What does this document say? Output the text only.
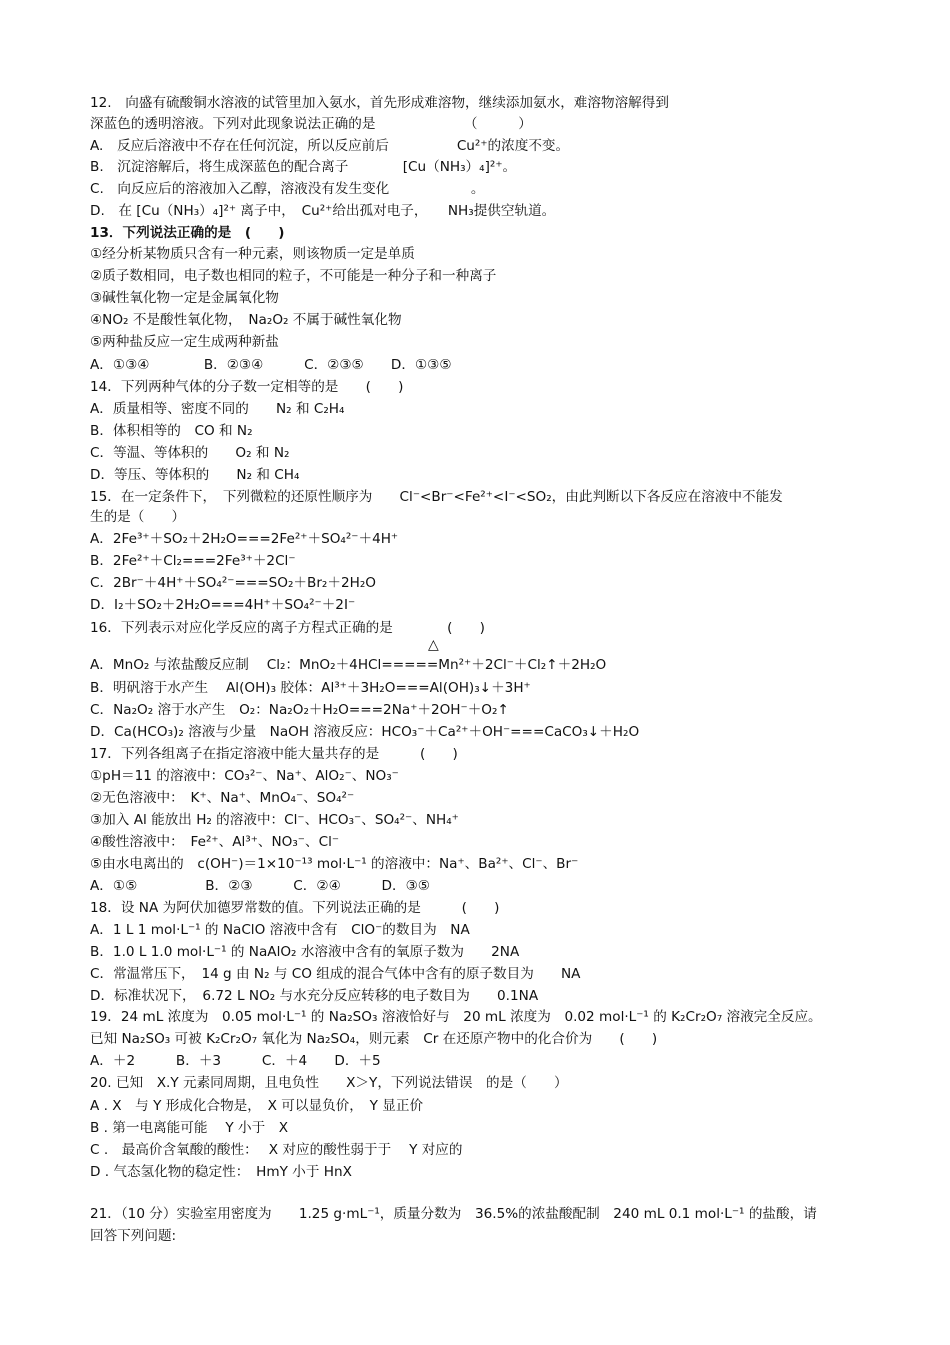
12.　向盛有硫酸铜水溶液的试管里加入氨水，首先形成难溶物，继续添加氨水，难溶物溶解得到
深蓝色的透明溶液。下列对此现象说法正确的是　　　　　　　（　　　）
A.　反应后溶液中不存在任何沉淀，所以反应前后　　　　　Cu²⁺的浓度不变。
B.　沉淀溶解后，将生成深蓝色的配合离子　　　　[Cu（NH₃）₄]²⁺。
C.　向反应后的溶液加入乙醇，溶液没有发生变化　　　　　　。
D.　在 [Cu（NH₃）₄]²⁺ 离子中，　Cu²⁺给出孤对电子，　　NH₃提供空轨道。
13．下列说法正确的是　(　　)
①经分析某物质只含有一种元素，则该物质一定是单质
②质子数相同，电子数也相同的粒子，不可能是一种分子和一种离子
③碱性氧化物一定是金属氧化物
④NO₂ 不是酸性氧化物，　Na₂O₂ 不属于碱性氧化物
⑤两种盐反应一定生成两种新盐
A．①③④　　　　B．②③④　　　C．②③⑤　　D．①③⑤
14．下列两种气体的分子数一定相等的是　　(　　)
A．质量相等、密度不同的　　N₂ 和 C₂H₄
B．体积相等的　CO 和 N₂
C．等温、等体积的　　O₂ 和 N₂
D．等压、等体积的　　N₂ 和 CH₄
15．在一定条件下，　下列微粒的还原性顺序为　　Cl⁻<Br⁻<Fe²⁺<I⁻<SO₂，由此判断以下各反应在溶液中不能发
生的是（　　）
A．2Fe³⁺＋SO₂＋2H₂O===2Fe²⁺＋SO₄²⁻＋4H⁺
B．2Fe²⁺＋Cl₂===2Fe³⁺＋2Cl⁻
C．2Br⁻＋4H⁺＋SO₄²⁻===SO₂＋Br₂＋2H₂O
D．I₂＋SO₂＋2H₂O===4H⁺＋SO₄²⁻＋2I⁻
16．下列表示对应化学反应的离子方程式正确的是　　　　(　　)
△
A．MnO₂ 与浓盐酸反应制　 Cl₂：MnO₂＋4HCl=====Mn²⁺＋2Cl⁻＋Cl₂↑＋2H₂O
B．明矾溶于水产生　 Al(OH)₃ 胶体：Al³⁺＋3H₂O===Al(OH)₃↓＋3H⁺
C．Na₂O₂ 溶于水产生　O₂：Na₂O₂＋H₂O===2Na⁺＋2OH⁻＋O₂↑
D．Ca(HCO₃)₂ 溶液与少量　NaOH 溶液反应：HCO₃⁻＋Ca²⁺＋OH⁻===CaCO₃↓＋H₂O
17．下列各组离子在指定溶液中能大量共存的是　　　(　　)
①pH＝11 的溶液中：CO₃²⁻、Na⁺、AlO₂⁻、NO₃⁻
②无色溶液中：　K⁺、Na⁺、MnO₄⁻、SO₄²⁻
③加入 Al 能放出 H₂ 的溶液中：Cl⁻、HCO₃⁻、SO₄²⁻、NH₄⁺
④酸性溶液中：　Fe²⁺、Al³⁺、NO₃⁻、Cl⁻
⑤由水电离出的　c(OH⁻)＝1×10⁻¹³ mol·L⁻¹ 的溶液中：Na⁺、Ba²⁺、Cl⁻、Br⁻
A．①⑤　　　　　B．②③　　　C．②④　　　D．③⑤
18．设 NA 为阿伏加德罗常数的值。下列说法正确的是　　　(　　)
A．1 L 1 mol·L⁻¹ 的 NaClO 溶液中含有　ClO⁻的数目为　NA
B．1.0 L 1.0 mol·L⁻¹ 的 NaAlO₂ 水溶液中含有的氧原子数为　　2NA
C．常温常压下，　14 g 由 N₂ 与 CO 组成的混合气体中含有的原子数目为　　NA
D．标准状况下，　6.72 L NO₂ 与水充分反应转移的电子数目为　　0.1NA
19．24 mL 浓度为　0.05 mol·L⁻¹ 的 Na₂SO₃ 溶液恰好与　20 mL 浓度为　0.02 mol·L⁻¹ 的 K₂Cr₂O₇ 溶液完全反应。
已知 Na₂SO₃ 可被 K₂Cr₂O₇ 氧化为 Na₂SO₄，则元素　Cr 在还原产物中的化合价为　　(　　)
A．＋2　　　B．＋3　　　C．＋4　　D．＋5
20. 已知　X.Y 元素同周期，且电负性　　X＞Y，下列说法错误　的是（　　）
A . X　与 Y 形成化合物是，　X 可以显负价，　Y 显正价
B . 第一电离能可能　 Y 小于　X
C .　最高价含氧酸的酸性：　 X 对应的酸性弱于于　 Y 对应的
D . 气态氢化物的稳定性：　HmY 小于 HnX
21．（10 分）实验室用密度为　　1.25 g·mL⁻¹，质量分数为　36.5%的浓盐酸配制　240 mL 0.1 mol·L⁻¹ 的盐酸，请
回答下列问题:
